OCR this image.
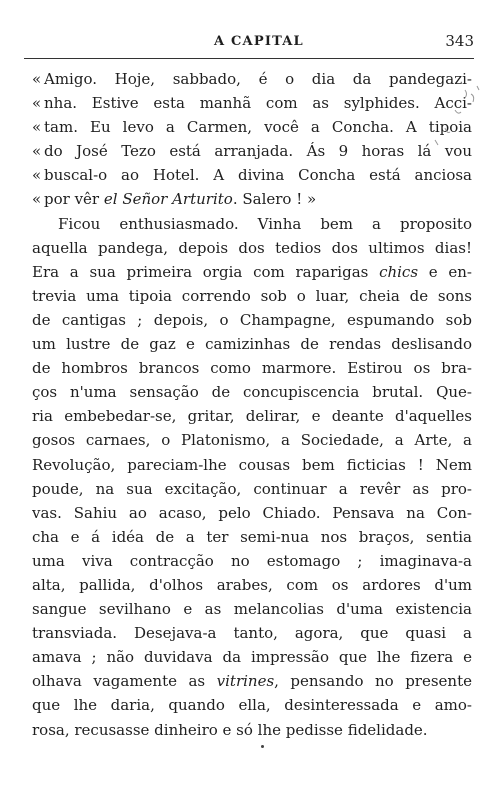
A CAPITAL	343
« Amigo. Hoje, sabbado, é o dia da pandegazi-
« nha. Estive esta manhã com as sylphides. Acci-
« tam. Eu levo a Carmen, você a Concha. A tipoia
« do José Tezo está arranjada. Ás 9 horas lá vou
« buscal-o ao Hotel. A divina Concha está anciosa
« por vêr el Señor Arturito. Salero ! »
Ficou enthusiasmado. Vinha bem a proposito
aquella pandega, depois dos tedios dos ultimos dias!
Era a sua primeira orgia com raparigas chics e en-
trevia uma tipoia correndo sob o luar, cheia de sons
de cantigas ; depois, o Champagne, espumando sob
um lustre de gaz e camizinhas de rendas deslisando
de hombros brancos como marmore. Estirou os bra-
ços n'uma sensação de concupiscencia brutal. Que-
ria embebedar-se, gritar, delirar, e deante d'aquelles
gosos carnaes, o Platonismo, a Sociedade, a Arte, a
Revolução, pareciam-lhe cousas bem ficticias ! Nem
poude, na sua excitação, continuar a revêr as pro-
vas. Sahiu ao acaso, pelo Chiado. Pensava na Con-
cha e á idéa de a ter semi-nua nos braços, sentia
uma viva contracção no estomago ; imaginava-a
alta, pallida, d'olhos arabes, com os ardores d'um
sangue sevilhano e as melancolias d'uma existencia
transviada. Desejava-a tanto, agora, que quasi a
amava ; não duvidava da impressão que lhe fizera e
olhava vagamente as vitrines, pensando no presente
que lhe daria, quando ella, desinteressada e amo-
rosa, recusasse dinheiro e só lhe pedisse fidelidade.
